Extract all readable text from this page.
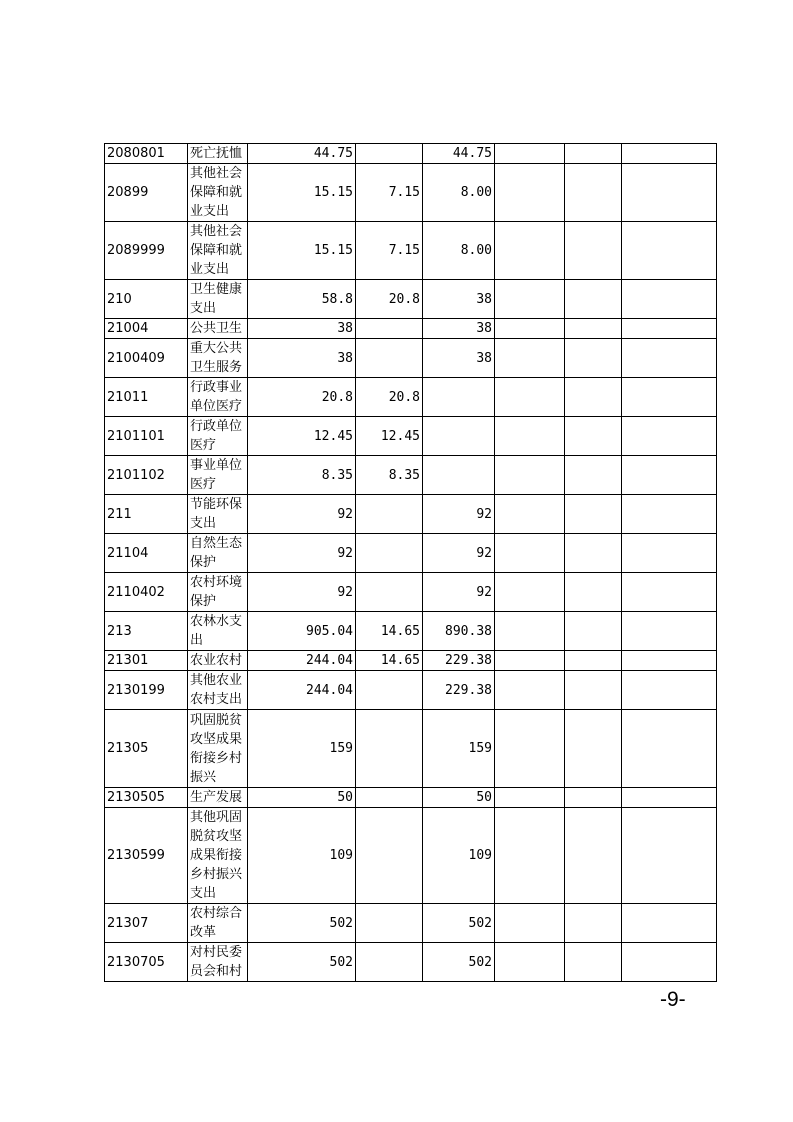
2080801	死亡抚恤	44.75		44.75			
20899	其他社会保障和就业支出	15.15	7.15	8.00			
2089999	其他社会保障和就业支出	15.15	7.15	8.00			
210	卫生健康支出	58.8	20.8	38			
21004	公共卫生	38		38			
2100409	重大公共卫生服务	38		38			
21011	行政事业单位医疗	20.8	20.8				
2101101	行政单位医疗	12.45	12.45				
2101102	事业单位医疗	8.35	8.35				
211	节能环保支出	92		92			
21104	自然生态保护	92		92			
2110402	农村环境保护	92		92			
213	农林水支出	905.04	14.65	890.38			
21301	农业农村	244.04	14.65	229.38			
2130199	其他农业农村支出	244.04		229.38			
21305	巩固脱贫攻坚成果衔接乡村振兴	159		159			
2130505	生产发展	50		50			
2130599	其他巩固脱贫攻坚成果衔接乡村振兴支出	109		109			
21307	农村综合改革	502		502			
2130705	对村民委员会和村	502		502			
-9-
